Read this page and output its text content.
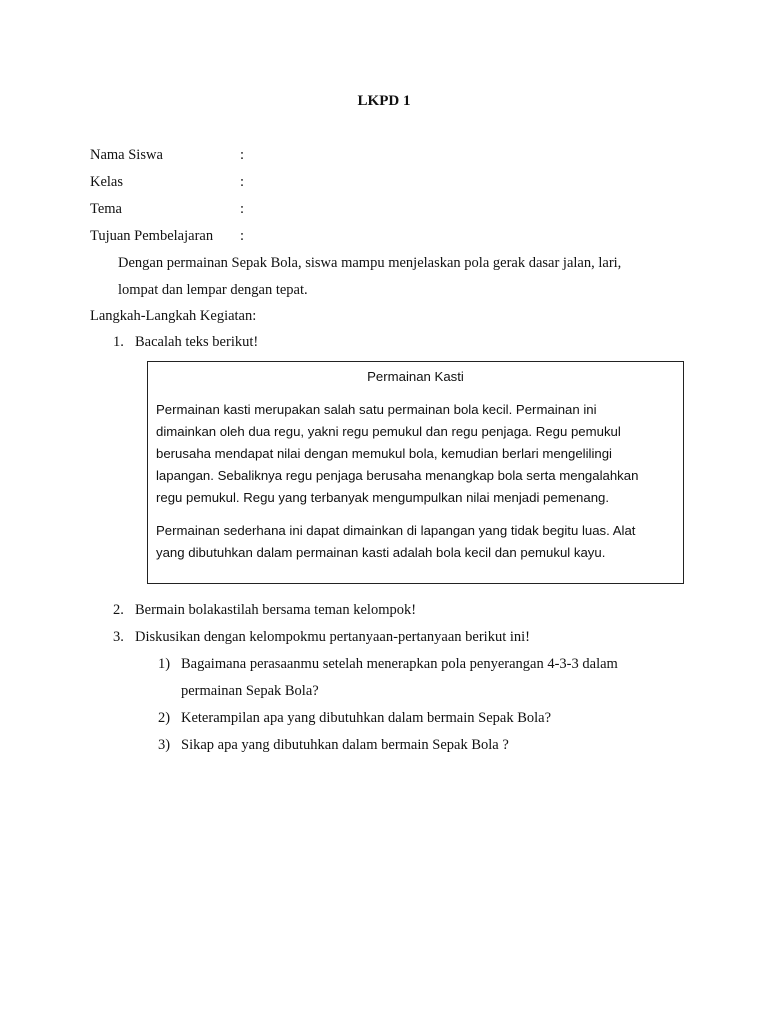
LKPD 1
Nama Siswa	:
Kelas	:
Tema	:
Tujuan Pembelajaran :
Dengan permainan Sepak Bola, siswa mampu menjelaskan pola gerak dasar jalan, lari,
lompat dan lempar dengan tepat.
Langkah-Langkah Kegiatan:
1. Bacalah teks berikut!
Permainan Kasti
Permainan kasti merupakan salah satu permainan bola kecil. Permainan ini
dimainkan oleh dua regu, yakni regu pemukul dan regu penjaga. Regu pemukul
berusaha mendapat nilai dengan memukul bola, kemudian berlari mengelilingi
lapangan. Sebaliknya regu penjaga berusaha menangkap bola serta mengalahkan
regu pemukul. Regu yang terbanyak mengumpulkan nilai menjadi pemenang.
Permainan sederhana ini dapat dimainkan di lapangan yang tidak begitu luas. Alat
yang dibutuhkan dalam permainan kasti adalah bola kecil dan pemukul kayu.
2. Bermain bolakastilah bersama teman kelompok!
3. Diskusikan dengan kelompokmu pertanyaan-pertanyaan berikut ini!
1) Bagaimana perasaanmu setelah menerapkan pola penyerangan 4-3-3 dalam
permainan Sepak Bola?
2) Keterampilan apa yang dibutuhkan dalam bermain Sepak Bola?
3) Sikap apa yang dibutuhkan dalam bermain Sepak Bola ?
